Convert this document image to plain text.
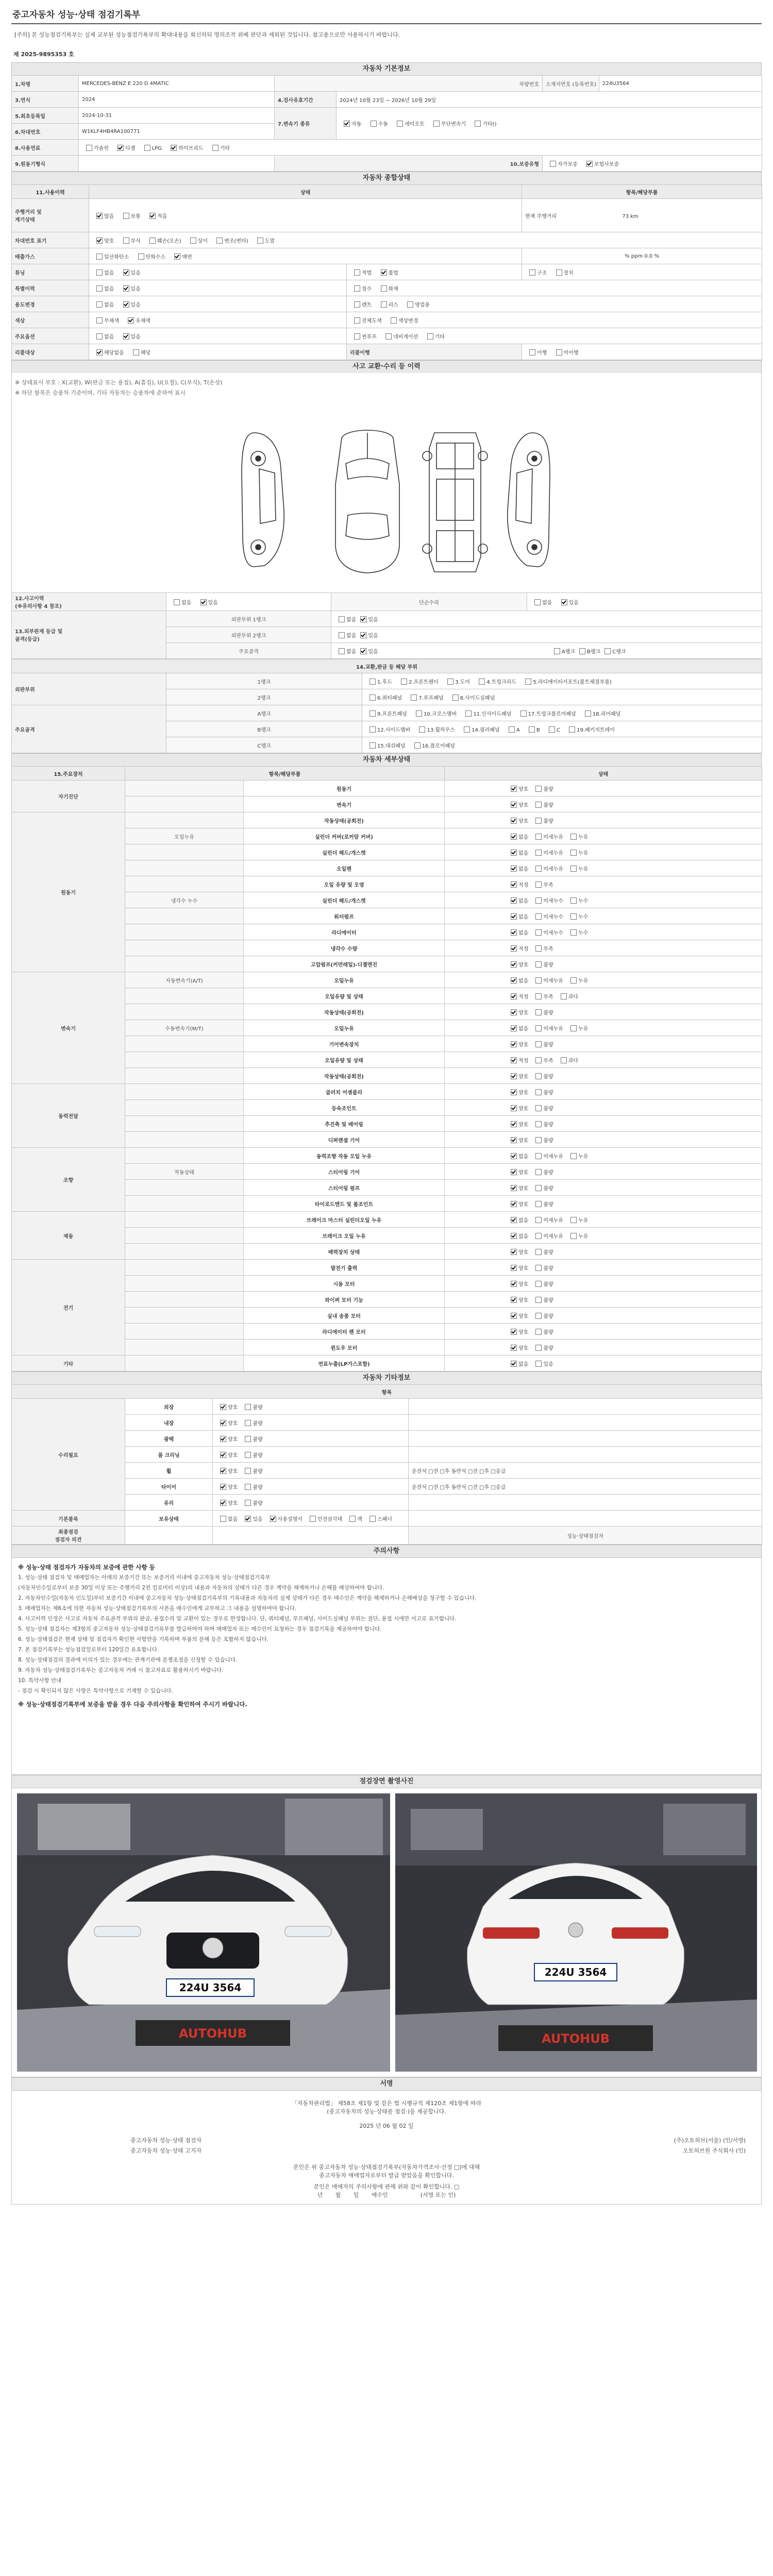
중고자동차 성능·상태 점검기록부
[주의] 본 성능점검기록부는 실제 교부된 성능점검기록부의 확대내용을 회신하되 명의조작 위배 판단과 제외된 것입니다. 참고용으로만 사용하시기 바랍니다.
제 2025-9895353 호
자동차 기본정보
1.차명	MERCEDES-BENZ E 220 D 4MATIC	차량번호		소재지번호 (등록번호)	224U3564
3.연식	2024	4.검사유효기간	2024년 10월 23일 ~ 2026년 10월 29일		
5.최초등록일	2024-10-31	7.변속기 종류	자동 수동 세미오토 무단변속기 기타()		
6.차대번호	W1KLF4HB4RA100771				
8.사용연료	가솔린 디젤 LPG 하이브리드 기타				
9.원동기형식		10.보증유형		자가보증 보험사보증	
자동차 종합상태
11.사용이력	상태		항목/해당부품
주행거리 및
계기상태	많음 보통 적음		현재 주행거리 73 km
차대번호 표기	양호 부식 훼손(오손) 상이 변조(변타) 도말		
배출가스	일산화탄소 탄화수소 매연		% ppm 0.0 %
튜닝	없음 있음	적법 불법	구조 장치
특별이력	없음 있음	침수 화재	
용도변경	없음 있음	렌트 리스 영업용	
색상	무채색 유채색	전체도색 색상변경	
주요옵션	없음 있음	썬루프 네비게이션 기타	
리콜대상	해당없음 해당	리콜이행	이행 미이행
사고 교환·수리 등 이력
※ 상태표시 부호 : X(교환), W(판금 또는 용접), A(흠집), U(요철), C(부식), T(손상)
※ 하단 항목은 승용차 기준이며, 기타 자동차는 승용차에 준하여 표시
12.사고이력
(※유의사항 4 참조)	없음 있음	단순수리	없음 있음
13.외부판재 등급 및
골격(등급)	외판부위 1랭크	없음 있음	
	외판부위 2랭크	없음 있음	
	주요골격	없음 있음 A랭크 B랭크 C랭크	
14.교환,판금 등 해당 부위		
외판부위	1랭크	1.후드 2.프론트펜더 3.도어 4.트렁크리드 5.라디에이터서포트(볼트체결부품)
	2랭크	6.쿼터패널 7.루프패널 8.사이드실패널
주요골격	A랭크	9.프론트패널 10.크로스멤버 11.인사이드패널 17.트렁크플로어패널 18.리어패널
	B랭크	12.사이드멤버 13.휠하우스 14.필러패널 A B C 19.패키지트레이
	C랭크	15.대쉬패널 16.플로어패널
자동차 세부상태
15.주요장치	항목/해당부품		상태
자기진단		원동기	양호 불량
		변속기	양호 불량
원동기		작동상태(공회전)	양호 불량
	오일누유	실린더 커버(로커암 커버)	없음 미세누유 누유
		실린더 헤드/개스켓	없음 미세누유 누유
		오일팬	없음 미세누유 누유
		오일 유량 및 오염	적정 부족
	냉각수 누수	실린더 헤드/개스켓	없음 미세누수 누수
		워터펌프	없음 미세누수 누수
		라디에이터	없음 미세누수 누수
		냉각수 수량	적정 부족
		고압펌프(커먼레일)-디젤엔진	양호 불량
변속기	자동변속기(A/T)	오일누유	없음 미세누유 누유
		오일유량 및 상태	적정 부족 과다
		작동상태(공회전)	양호 불량
	수동변속기(M/T)	오일누유	없음 미세누유 누유
		기어변속장치	양호 불량
		오일유량 및 상태	적정 부족 과다
		작동상태(공회전)	양호 불량
동력전달		클러치 어셈블리	양호 불량
		등속조인트	양호 불량
		추진축 및 베어링	양호 불량
		디퍼렌셜 기어	양호 불량
조향		동력조향 작동 오일 누유	없음 미세누유 누유
	작동상태	스티어링 기어	양호 불량
		스티어링 펌프	양호 불량
		타이로드엔드 및 볼조인트	양호 불량
제동		브레이크 마스터 실린더오일 누유	없음 미세누유 누유
		브레이크 오일 누유	없음 미세누유 누유
		배력장치 상태	양호 불량
전기		발전기 출력	양호 불량
		시동 모터	양호 불량
		와이퍼 모터 기능	양호 불량
		실내 송풍 모터	양호 불량
		라디에이터 팬 모터	양호 불량
		윈도우 모터	양호 불량
기타		연료누출(LP가스포함)	없음 있음
자동차 기타정보
항목			
수리필요	외장	양호 불량	
	내장	양호 불량	
	광택	양호 불량	
	룸 크리닝	양호 불량	
	휠	양호 불량	운전석 □전 □후 동반석 □전 □후 □응급
	타이어	양호 불량	운전석 □전 □후 동반석 □전 □후 □응급
	유리	양호 불량	
기본품목	보유상태	없음 있음 사용설명서 안전삼각대 잭 스패너	
최종점검
점검자 의견			성능·상태점검자
주의사항

※ 성능·상태 점검자가 자동차의 보증에 관한 사항 등

1. 성능·상태 점검자 및 매매업자는 아래의 보증기간 또는 보증거리 이내에 중고자동차 성능·상태점검기록부

(자동차인수일로부터 보증 30일 이상 또는 주행거리 2천 킬로미터 이상)의 내용과 자동차의 상태가 다른 경우 계약을 해제하거나 손해를 배상하여야 합니다.

2. 자동차인수일(자동차 인도일)부터 보증기간 이내에 중고자동차 성능·상태점검기록부의 기록내용과 자동차의 실제 상태가 다른 경우 매수인은 계약을 해제하거나 손해배상을 청구할 수 있습니다.

3. 매매업자는 제6조에 의한 자동차 성능·상태점검기록부의 사본을 매수인에게 교부하고 그 내용을 설명하여야 합니다.

4. 사고이력 인정은 사고로 자동차 주요골격 부위의 판금, 용접수리 및 교환이 있는 경우로 한정합니다. 단, 쿼터패널, 루프패널, 사이드실패널 부위는 절단, 용접 시에만 사고로 표기합니다.

5. 성능·상태 점검자는 제3항의 중고자동차 성능·상태점검기록부를 발급하여야 하며 매매업자 또는 매수인이 요청하는 경우 점검기록을 제공하여야 합니다.

6. 성능·상태점검은 현재 상태 및 점검자가 확인한 사항만을 기록하며 부품의 분해 등은 포함하지 않습니다.

7. 본 점검기록부는 성능점검일로부터 120일간 유효합니다.

8. 성능·상태점검의 결과에 이의가 있는 경우에는 관계기관에 분쟁조정을 신청할 수 있습니다.

9. 자동차 성능·상태점검기록부는 중고자동차 거래 시 참고자료로 활용하시기 바랍니다.

10. 특약사항 안내

- 점검 시 확인되지 않은 사항은 특약사항으로 기재할 수 있습니다.

※ 성능·상태점검기록부에 보증을 받을 경우 다음 주의사항을 확인하여 주시기 바랍니다.

점검장면 촬영사진
224U 3564
AUTOHUB
224U 3564
AUTOHUB
서명
「자동차관리법」 제58조 제1항 및 같은 법 시행규칙 제120조 제1항에 따라
(중고자동차의 성능·상태를 점검·)을 제공합니다.
2025 년 06 월 02 일
중고자동차 성능·상태 점검자	(주)오토허브(서울) (인/서명)
중고자동차 성능·상태 고지자	오토허브원 주식회사 (인)
본인은 위 중고자동차 성능·상태점검기록부(자동차가격조사·산정 □)에 대해
중고자동차 매매업자로부터 발급 받았음을 확인합니다.
본인은 매매자의 주의사항에 관해 위와 같이 확인합니다. □
년       월       일       매수인                  (서명 또는 인)
